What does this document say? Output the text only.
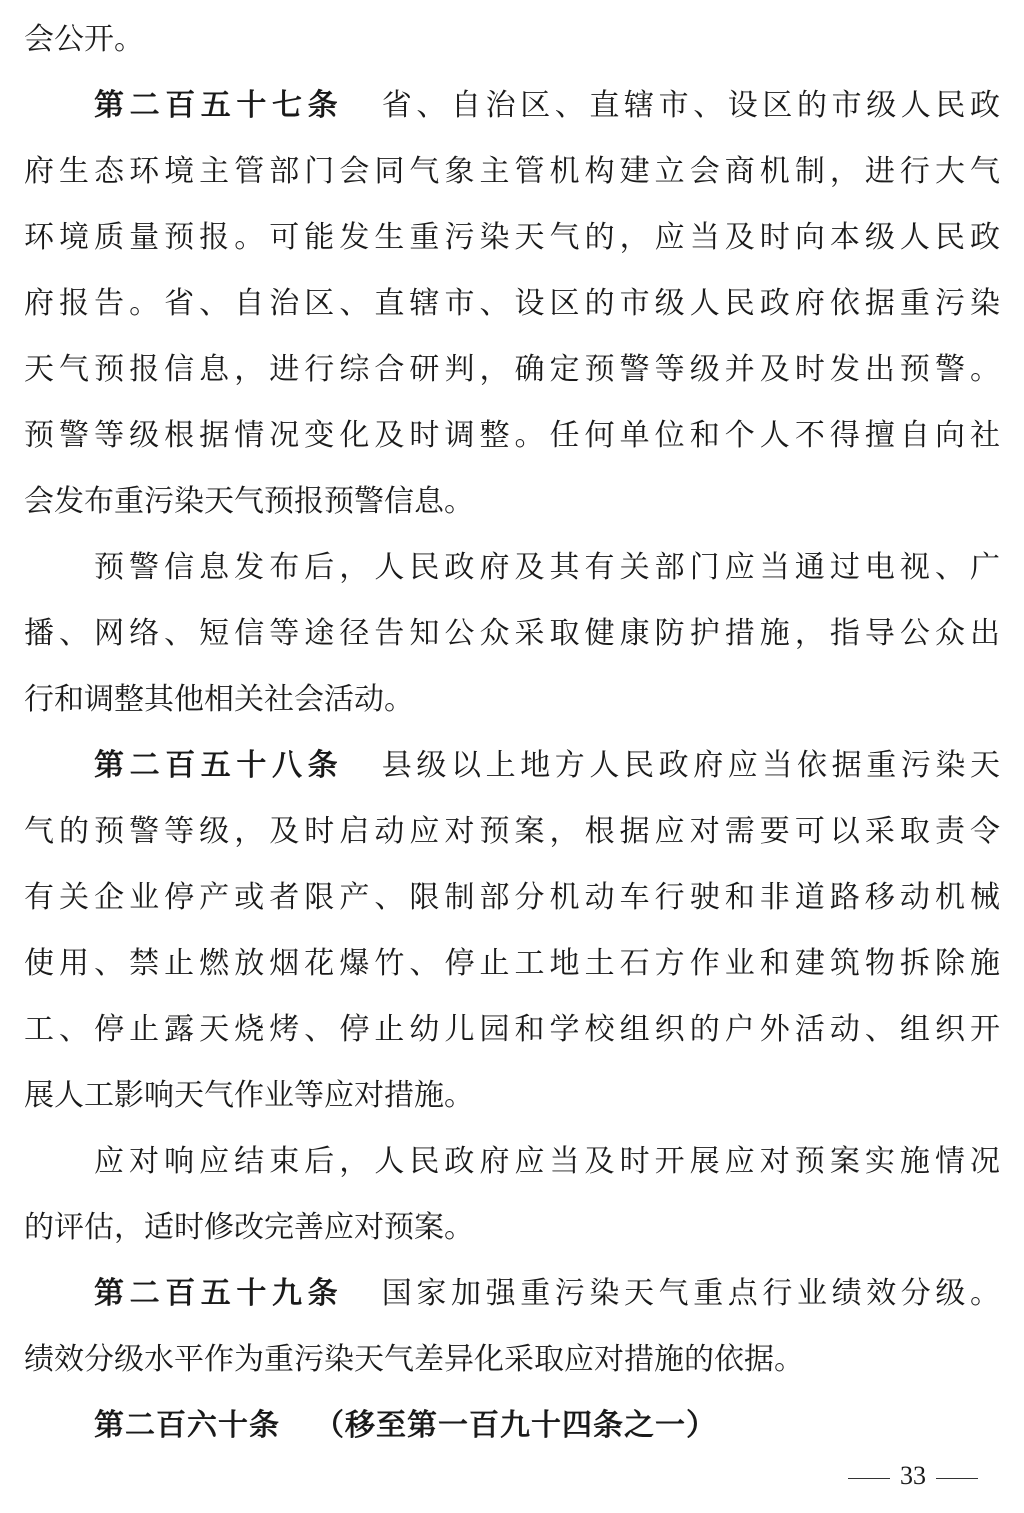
会公开。
第二百五十七条 省、自治区、直辖市、设区的市级人民政
府生态环境主管部门会同气象主管机构建立会商机制，进行大气
环境质量预报。可能发生重污染天气的，应当及时向本级人民政
府报告。省、自治区、直辖市、设区的市级人民政府依据重污染
天气预报信息，进行综合研判，确定预警等级并及时发出预警。
预警等级根据情况变化及时调整。任何单位和个人不得擅自向社
会发布重污染天气预报预警信息。
预警信息发布后，人民政府及其有关部门应当通过电视、广
播、网络、短信等途径告知公众采取健康防护措施，指导公众出
行和调整其他相关社会活动。
第二百五十八条 县级以上地方人民政府应当依据重污染天
气的预警等级，及时启动应对预案，根据应对需要可以采取责令
有关企业停产或者限产、限制部分机动车行驶和非道路移动机械
使用、禁止燃放烟花爆竹、停止工地土石方作业和建筑物拆除施
工、停止露天烧烤、停止幼儿园和学校组织的户外活动、组织开
展人工影响天气作业等应对措施。
应对响应结束后，人民政府应当及时开展应对预案实施情况
的评估，适时修改完善应对预案。
第二百五十九条 国家加强重污染天气重点行业绩效分级。
绩效分级水平作为重污染天气差异化采取应对措施的依据。
第二百六十条 （移至第一百九十四条之一）
33
